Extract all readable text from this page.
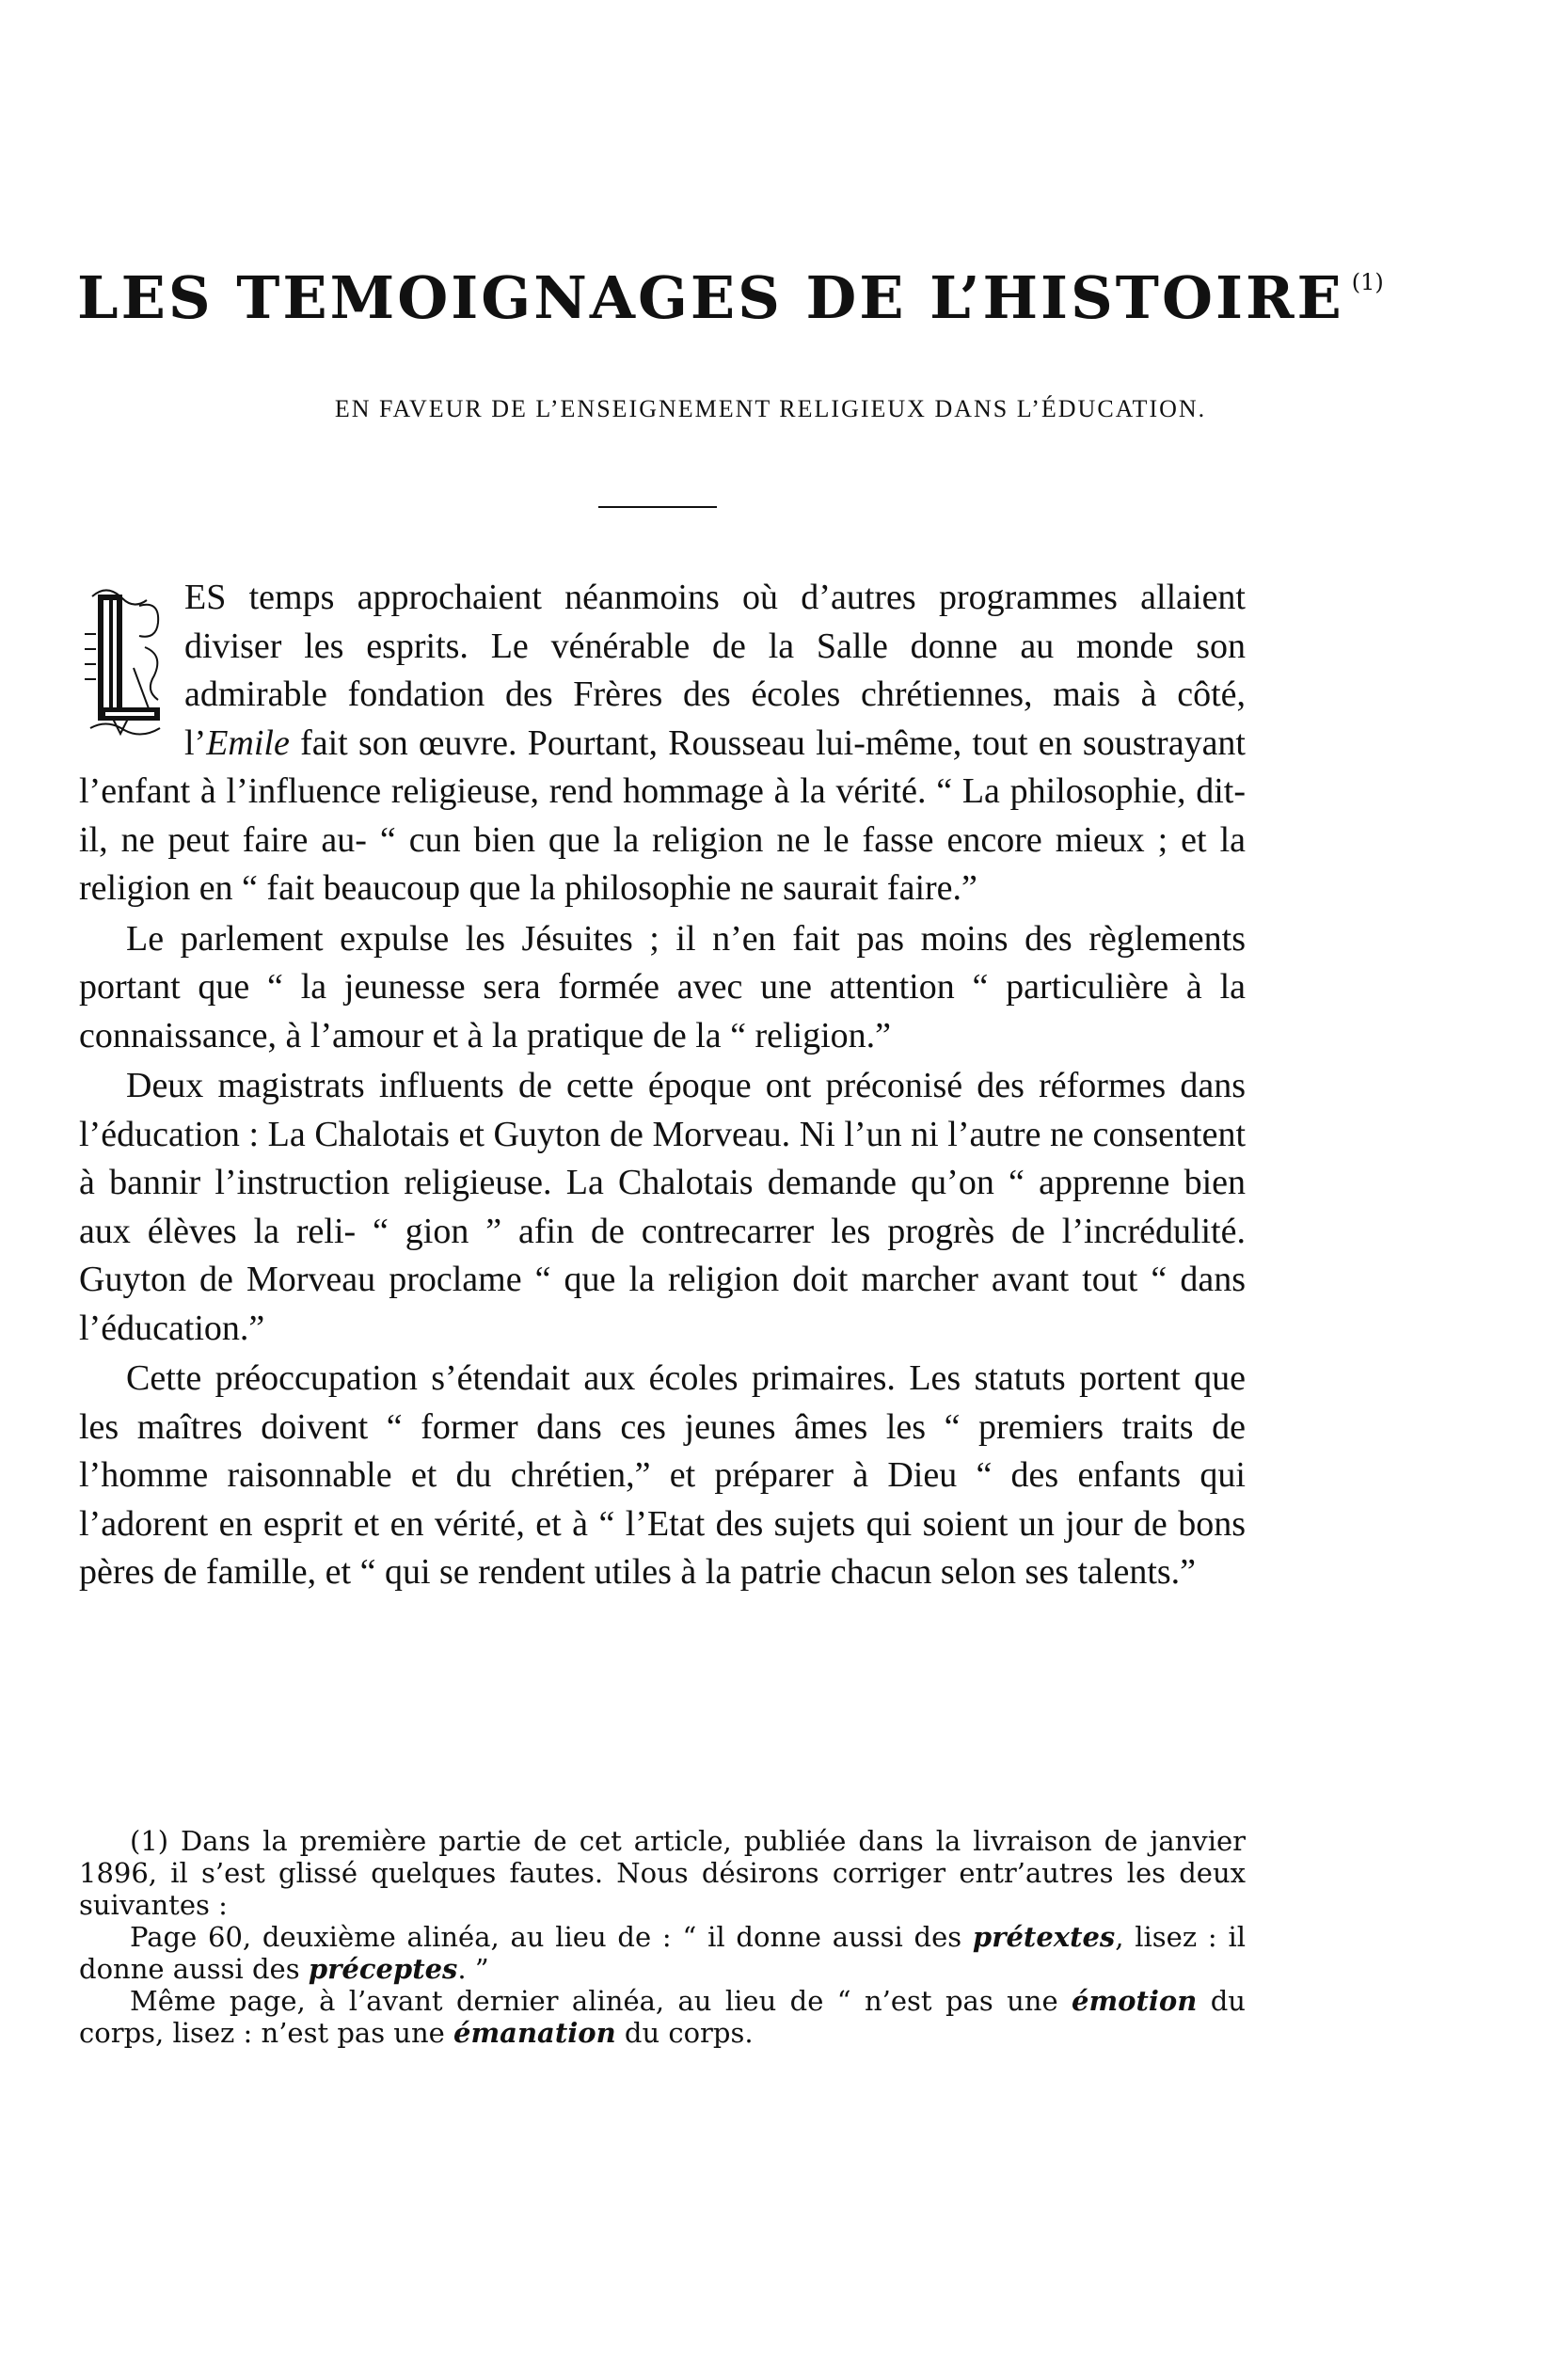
LES TEMOIGNAGES DE L’HISTOIRE $^{(1)}$

EN FAVEUR DE L’ENSEIGNEMENT RELIGIEUX DANS L’ÉDUCATION.

ES temps approchaient néanmoins où d’autres programmes allaient diviser les esprits. Le vénérable de la Salle donne au monde son admirable fondation des Frères des écoles chrétiennes, mais à côté, l’Emile fait son œuvre. Pourtant, Rousseau lui-même, tout en soustrayant l’enfant à l’influence religieuse, rend hommage à la vérité. “ La philosophie, dit-il, ne peut faire au- “ cun bien que la religion ne le fasse encore mieux ; et la religion en “ fait beaucoup que la philosophie ne saurait faire.”

Le parlement expulse les Jésuites ; il n’en fait pas moins des règlements portant que “ la jeunesse sera formée avec une attention “ particulière à la connaissance, à l’amour et à la pratique de la “ religion.”

Deux magistrats influents de cette époque ont préconisé des réformes dans l’éducation : La Chalotais et Guyton de Morveau. Ni l’un ni l’autre ne consentent à bannir l’instruction religieuse. La Chalotais demande qu’on “ apprenne bien aux élèves la reli- “ gion ” afin de contrecarrer les progrès de l’incrédulité. Guyton de Morveau proclame “ que la religion doit marcher avant tout “ dans l’éducation.”

Cette préoccupation s’étendait aux écoles primaires. Les statuts portent que les maîtres doivent “ former dans ces jeunes âmes les “ premiers traits de l’homme raisonnable et du chrétien,” et préparer à Dieu “ des enfants qui l’adorent en esprit et en vérité, et à “ l’Etat des sujets qui soient un jour de bons pères de famille, et “ qui se rendent utiles à la patrie chacun selon ses talents.”

(1) Dans la première partie de cet article, publiée dans la livraison de janvier 1896, il s’est glissé quelques fautes. Nous désirons corriger entr’autres les deux suivantes :

Page 60, deuxième alinéa, au lieu de : “ il donne aussi des prétextes, lisez : il donne aussi des préceptes. ”

Même page, à l’avant dernier alinéa, au lieu de “ n’est pas une émotion du corps, lisez : n’est pas une émanation du corps.
